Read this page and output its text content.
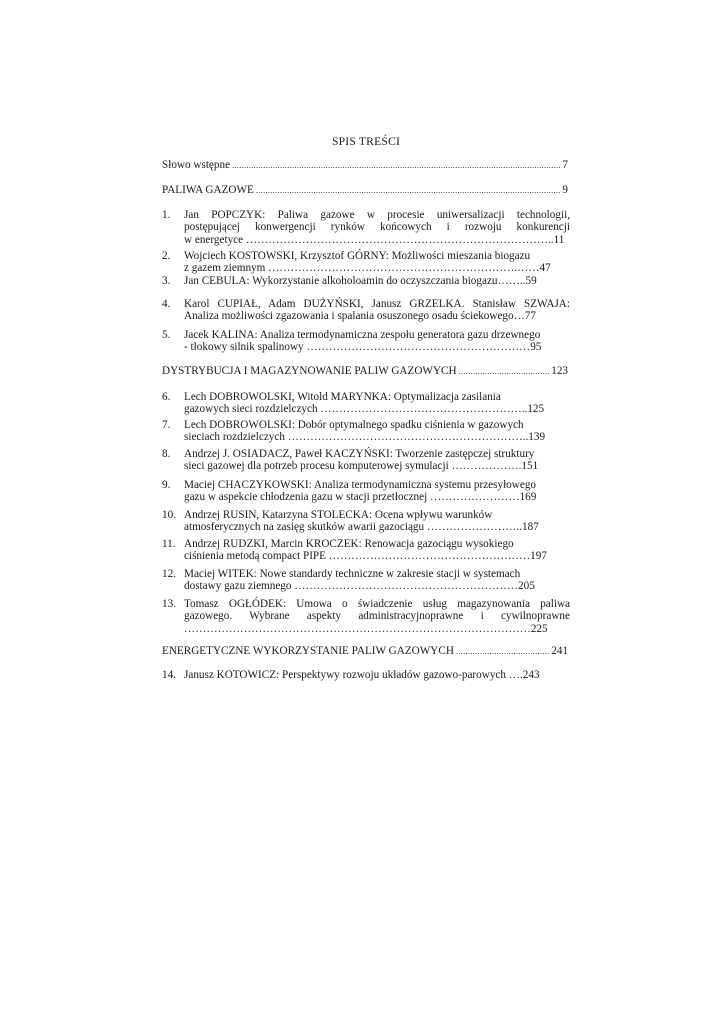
SPIS TREŚCI
Słowo wstępne .....	7
PALIWA GAZOWE .....	9
1. Jan POPCZYK: Paliwa gazowe w procesie uniwersalizacji technologii,
postępującej konwergencji rynków końcowych i rozwoju konkurencji
w energetyce ………………………………………………………………………..11
2. Wojciech KOSTOWSKI, Krzysztof GÓRNY: Możliwości mieszania biogazu
z gazem ziemnym ………………………………………………………….……47
3. Jan CEBULA: Wykorzystanie alkoholoamin do oczyszczania biogazu……..59
4. Karol CUPIAŁ, Adam DUŻYŃSKI, Janusz GRZELKA. Stanisław SZWAJA:
Analiza możliwości zgazowania i spalania osuszonego osadu ściekowego…77
5. Jacek KALINA: Analiza termodynamiczna zespołu generatora gazu drzewnego
- tłokowy silnik spalinowy ……………………………………………………95
DYSTRYBUCJA I MAGAZYNOWANIE PALIW GAZOWYCH .....	123
6. Lech DOBROWOLSKI, Witold MARYNKA: Optymalizacja zasilania
gazowych sieci rozdzielczych ………………………………………………..125
7. Lech DOBROWOLSKI: Dobór optymalnego spadku ciśnienia w gazowych
sieciach rozdzielczych ………………………………………………………..139
8. Andrzej J. OSIADACZ, Paweł KACZYŃSKI: Tworzenie zastępczej struktury
sieci gazowej dla potrzeb procesu komputerowej symulacji ……………….151
9. Maciej CHACZYKOWSKI: Analiza termodynamiczna systemu przesyłowego
gazu w aspekcie chłodzenia gazu w stacji przetłocznej ……………………169
10. Andrzej RUSIN, Katarzyna STOLECKA: Ocena wpływu warunków
atmosferycznych na zasięg skutków awarii gazociągu ……………………..187
11. Andrzej RUDZKI, Marcin KROCZEK: Renowacja gazociągu wysokiego
ciśnienia metodą compact PIPE ………………………………………………197
12. Maciej WITEK: Nowe standardy techniczne w zakresie stacji w systemach
dostawy gazu ziemnego ……………………………………………………205
13. Tomasz OGŁÓDEK: Umowa o świadczenie usług magazynowania paliwa
gazowego. Wybrane aspekty administracyjnoprawne i cywilnoprawne
…………………………………………………………………………………225
ENERGETYCZNE WYKORZYSTANIE PALIW GAZOWYCH .....	241
14. Janusz KOTOWICZ: Perspektywy rozwoju układów gazowo-parowych ….243
